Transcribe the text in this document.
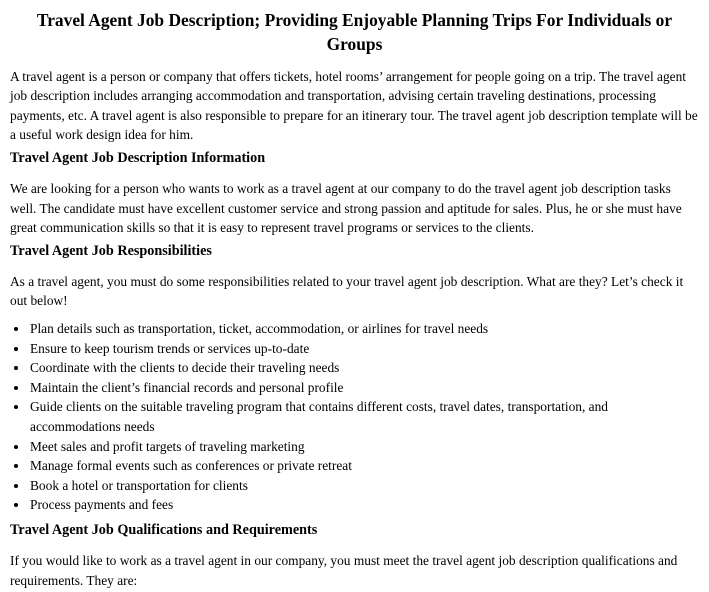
Travel Agent Job Description; Providing Enjoyable Planning Trips For Individuals or Groups

A travel agent is a person or company that offers tickets, hotel rooms’ arrangement for people going on a trip. The travel agent job description includes arranging accommodation and transportation, advising certain traveling destinations, processing payments, etc. A travel agent is also responsible to prepare for an itinerary tour. The travel agent job description template will be a useful work design idea for him.

Travel Agent Job Description Information

We are looking for a person who wants to work as a travel agent at our company to do the travel agent job description tasks well. The candidate must have excellent customer service and strong passion and aptitude for sales. Plus, he or she must have great communication skills so that it is easy to represent travel programs or services to the clients.

Travel Agent Job Responsibilities

As a travel agent, you must do some responsibilities related to your travel agent job description. What are they? Let’s check it out below!

• Plan details such as transportation, ticket, accommodation, or airlines for travel needs
• Ensure to keep tourism trends or services up-to-date
• Coordinate with the clients to decide their traveling needs
• Maintain the client’s financial records and personal profile
• Guide clients on the suitable traveling program that contains different costs, travel dates, transportation, and accommodations needs
• Meet sales and profit targets of traveling marketing
• Manage formal events such as conferences or private retreat
• Book a hotel or transportation for clients
• Process payments and fees
Travel Agent Job Qualifications and Requirements

If you would like to work as a travel agent in our company, you must meet the travel agent job description qualifications and requirements. They are:
